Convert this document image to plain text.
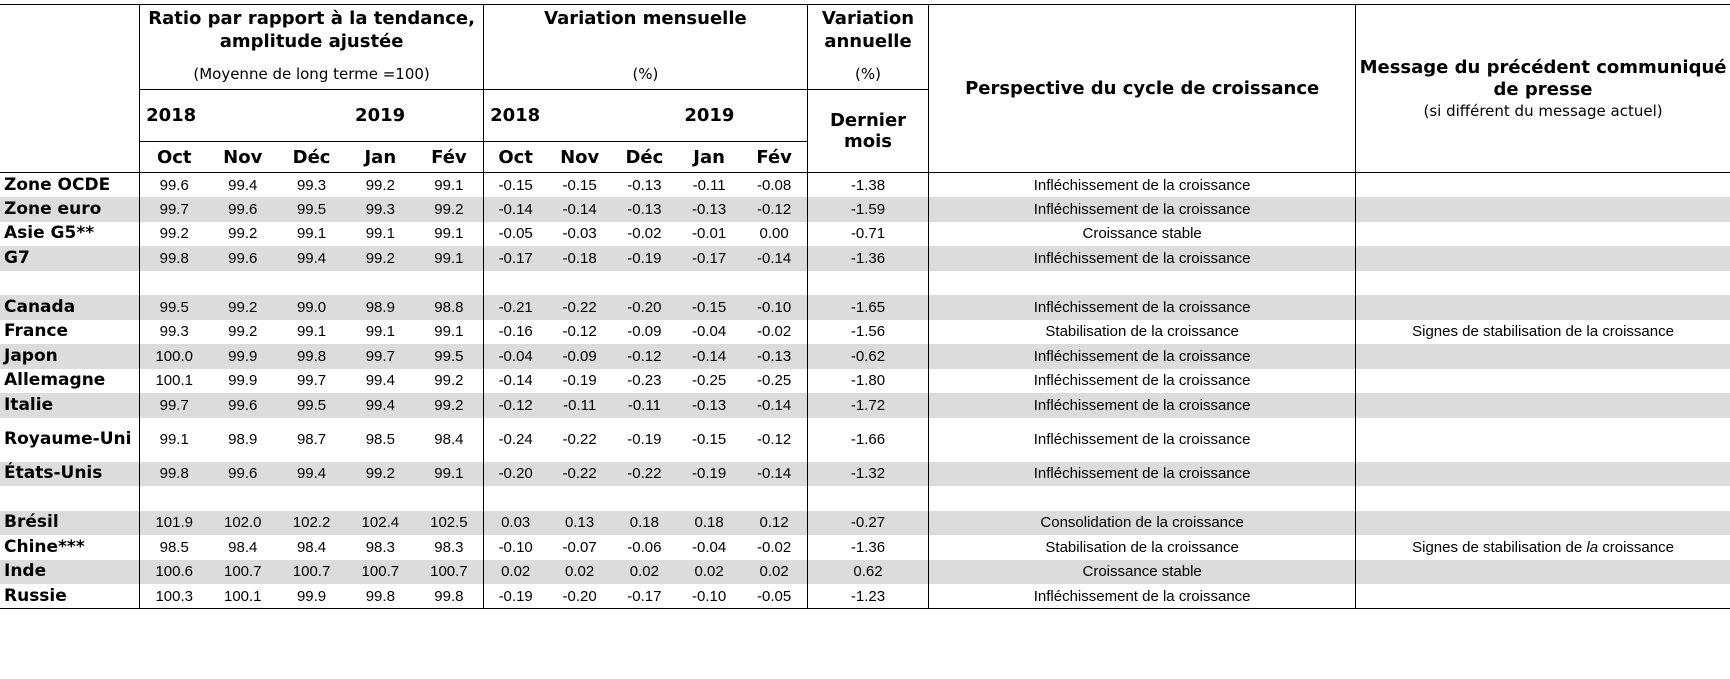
	Ratio par rapport à la tendance, amplitude ajustée					Variation mensuelle					Variation annuelle	Perspective du cycle de croissance	Message du précédent communiqué de presse
(si différent du message actuel)

	(Moyenne de long terme =100)					(%)					(%)		
	2018		2019			2018		2019			Dernier mois		
	Oct	Nov	Déc	Jan	Fév	Oct	Nov	Déc	Jan	Fév			
Zone OCDE	99.6	99.4	99.3	99.2	99.1	-0.15	-0.15	-0.13	-0.11	-0.08	-1.38	Infléchissement de la croissance	
Zone euro	99.7	99.6	99.5	99.3	99.2	-0.14	-0.14	-0.13	-0.13	-0.12	-1.59	Infléchissement de la croissance	
Asie G5**	99.2	99.2	99.1	99.1	99.1	-0.05	-0.03	-0.02	-0.01	0.00	-0.71	Croissance stable	
G7	99.8	99.6	99.4	99.2	99.1	-0.17	-0.18	-0.19	-0.17	-0.14	-1.36	Infléchissement de la croissance	

Canada	99.5	99.2	99.0	98.9	98.8	-0.21	-0.22	-0.20	-0.15	-0.10	-1.65	Infléchissement de la croissance	
France	99.3	99.2	99.1	99.1	99.1	-0.16	-0.12	-0.09	-0.04	-0.02	-1.56	Stabilisation de la croissance	Signes de stabilisation de la croissance
Japon	100.0	99.9	99.8	99.7	99.5	-0.04	-0.09	-0.12	-0.14	-0.13	-0.62	Infléchissement de la croissance	
Allemagne	100.1	99.9	99.7	99.4	99.2	-0.14	-0.19	-0.23	-0.25	-0.25	-1.80	Infléchissement de la croissance	
Italie	99.7	99.6	99.5	99.4	99.2	-0.12	-0.11	-0.11	-0.13	-0.14	-1.72	Infléchissement de la croissance	
Royaume-Uni	99.1	98.9	98.7	98.5	98.4	-0.24	-0.22	-0.19	-0.15	-0.12	-1.66	Infléchissement de la croissance	
États-Unis	99.8	99.6	99.4	99.2	99.1	-0.20	-0.22	-0.22	-0.19	-0.14	-1.32	Infléchissement de la croissance	

Brésil	101.9	102.0	102.2	102.4	102.5	0.03	0.13	0.18	0.18	0.12	-0.27	Consolidation de la croissance	
Chine***	98.5	98.4	98.4	98.3	98.3	-0.10	-0.07	-0.06	-0.04	-0.02	-1.36	Stabilisation de la croissance	Signes de stabilisation de la croissance
Inde	100.6	100.7	100.7	100.7	100.7	0.02	0.02	0.02	0.02	0.02	0.62	Croissance stable	
Russie	100.3	100.1	99.9	99.8	99.8	-0.19	-0.20	-0.17	-0.10	-0.05	-1.23	Infléchissement de la croissance	
